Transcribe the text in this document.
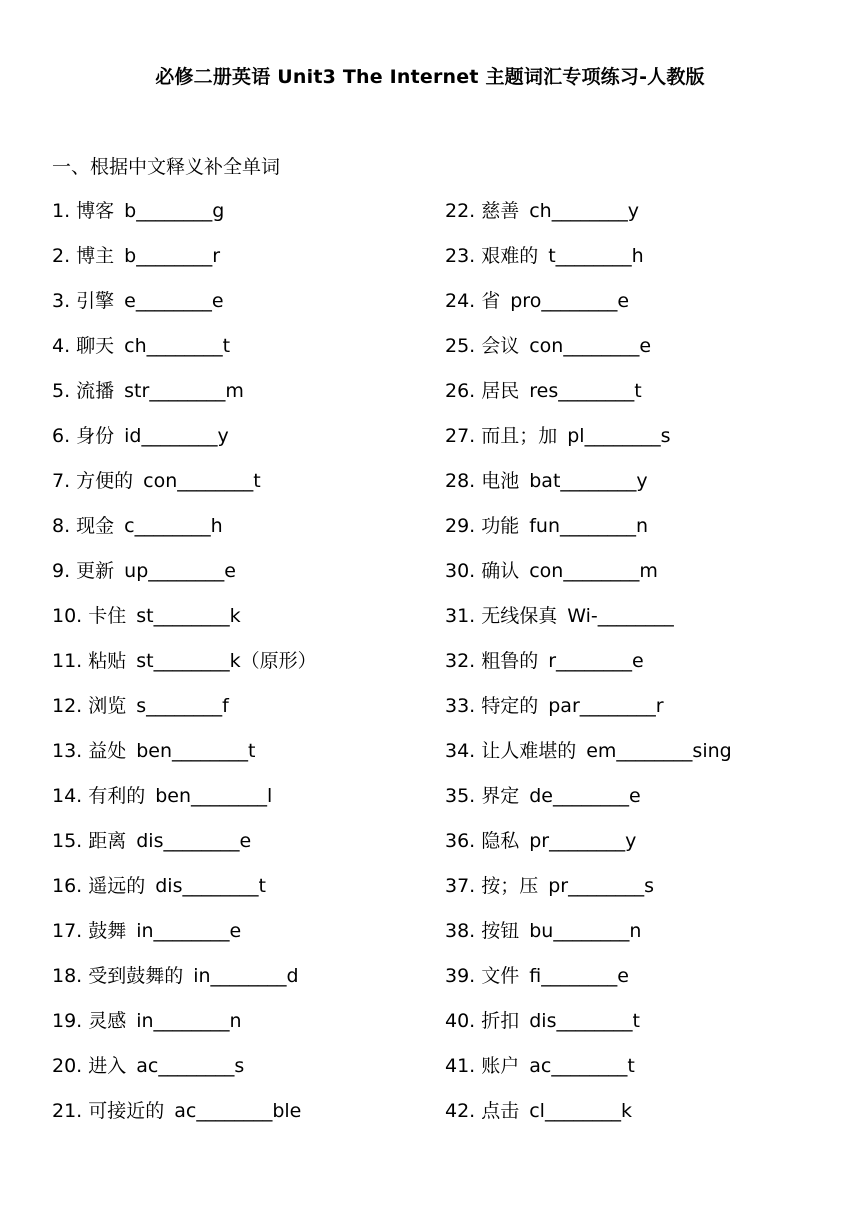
必修二册英语 Unit3 The Internet 主题词汇专项练习-人教版
一、根据中文释义补全单词
1. 博客 b________g
2. 博主 b________r
3. 引擎 e________e
4. 聊天 ch________t
5. 流播 str________m
6. 身份 id________y
7. 方便的 con________t
8. 现金 c________h
9. 更新 up________e
10. 卡住 st________k
11. 粘贴 st________k（原形）
12. 浏览 s________f
13. 益处 ben________t
14. 有利的 ben________l
15. 距离 dis________e
16. 遥远的 dis________t
17. 鼓舞 in________e
18. 受到鼓舞的 in________d
19. 灵感 in________n
20. 进入 ac________s
21. 可接近的 ac________ble
22. 慈善 ch________y
23. 艰难的 t________h
24. 省 pro________e
25. 会议 con________e
26. 居民 res________t
27. 而且；加 pl________s
28. 电池 bat________y
29. 功能 fun________n
30. 确认 con________m
31. 无线保真 Wi-________
32. 粗鲁的 r________e
33. 特定的 par________r
34. 让人难堪的 em________sing
35. 界定 de________e
36. 隐私 pr________y
37. 按；压 pr________s
38. 按钮 bu________n
39. 文件 fi________e
40. 折扣 dis________t
41. 账户 ac________t
42. 点击 cl________k
